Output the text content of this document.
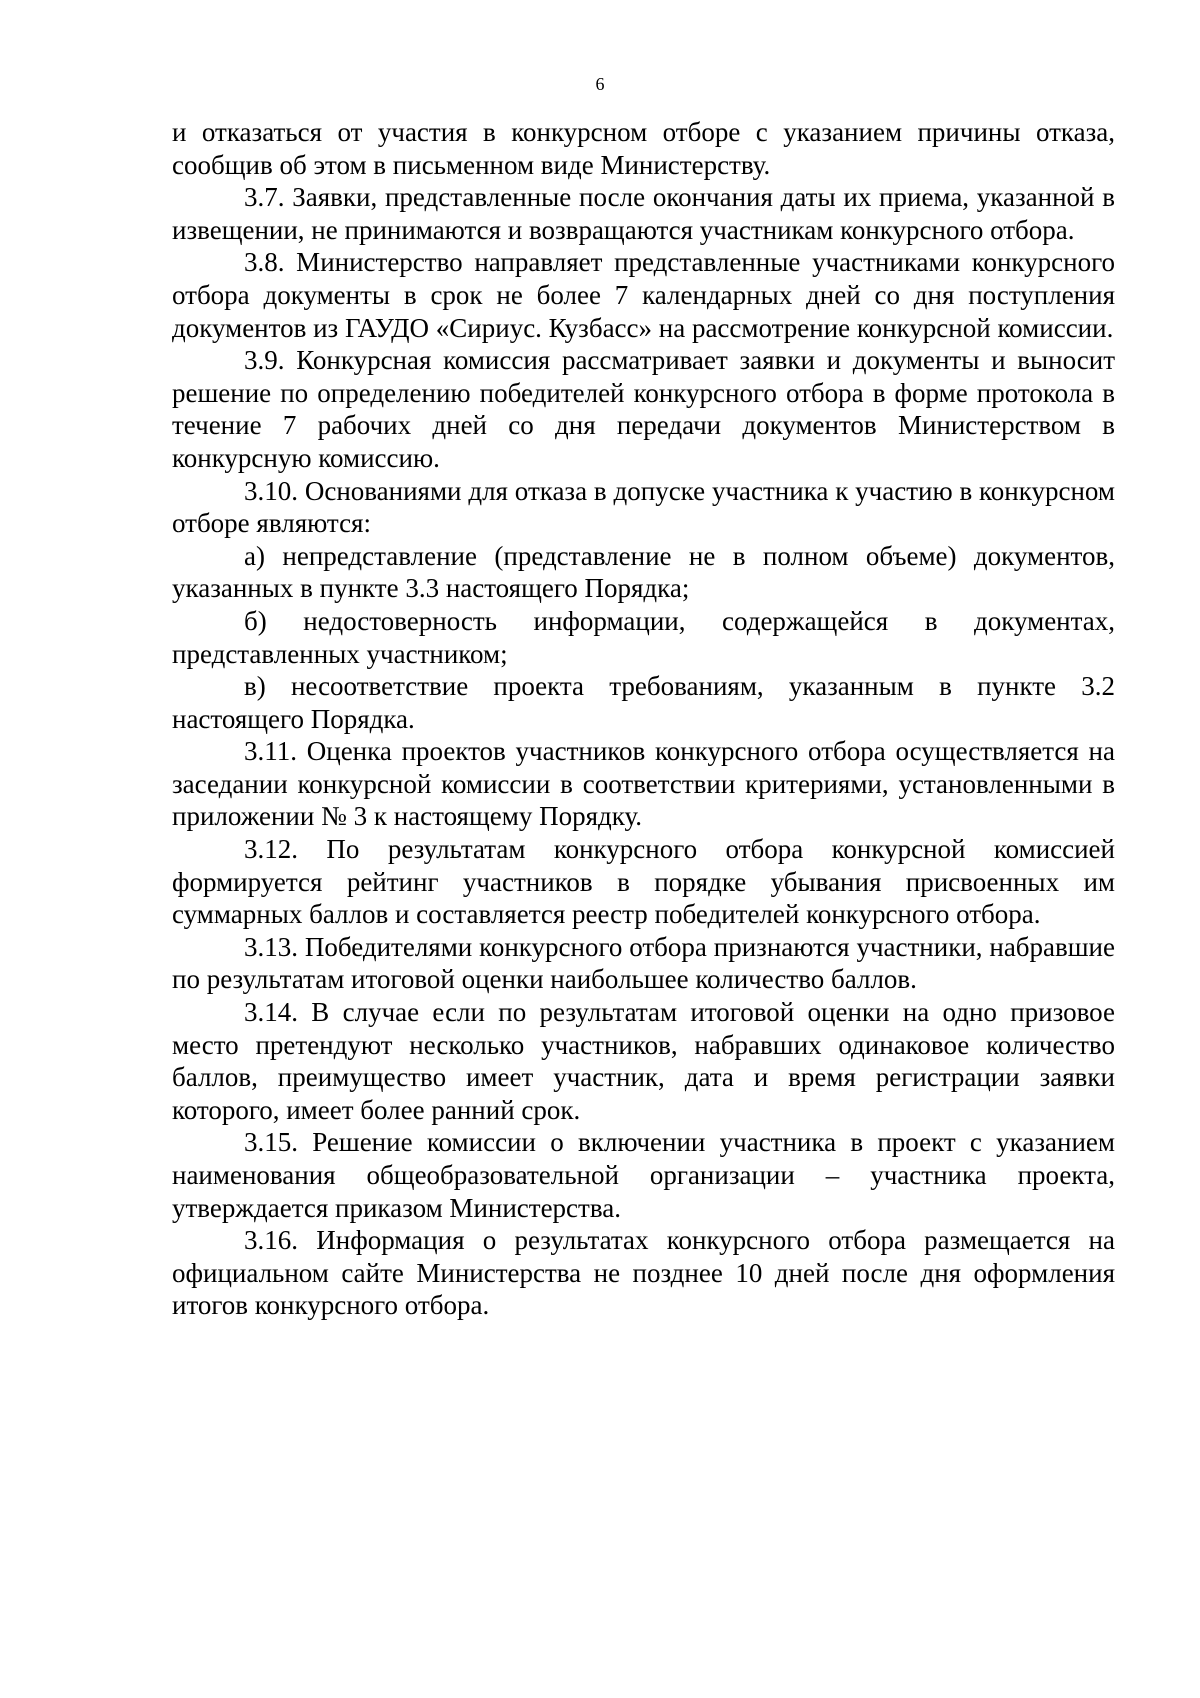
6

и отказаться от участия в конкурсном отборе с указанием причины отказа, сообщив об этом в письменном виде Министерству.

3.7. Заявки, представленные после окончания даты их приема, указанной в извещении, не принимаются и возвращаются участникам конкурсного отбора.

3.8. Министерство направляет представленные участниками конкурсного отбора документы в срок не более 7 календарных дней со дня поступления документов из ГАУДО «Сириус. Кузбасс» на рассмотрение конкурсной комиссии.

3.9. Конкурсная комиссия рассматривает заявки и документы и выносит решение по определению победителей конкурсного отбора в форме протокола в течение 7 рабочих дней со дня передачи документов Министерством в конкурсную комиссию.

3.10. Основаниями для отказа в допуске участника к участию в конкурсном отборе являются:

а) непредставление (представление не в полном объеме) документов, указанных в пункте 3.3 настоящего Порядка;

б) недостоверность информации, содержащейся в документах, представленных участником;

в) несоответствие проекта требованиям, указанным в пункте 3.2 настоящего Порядка.

3.11. Оценка проектов участников конкурсного отбора осуществляется на заседании конкурсной комиссии в соответствии критериями, установленными в приложении № 3 к настоящему Порядку.

3.12. По результатам конкурсного отбора конкурсной комиссией формируется рейтинг участников в порядке убывания присвоенных им суммарных баллов и составляется реестр победителей конкурсного отбора.

3.13. Победителями конкурсного отбора признаются участники, набравшие по результатам итоговой оценки наибольшее количество баллов.

3.14. В случае если по результатам итоговой оценки на одно призовое место претендуют несколько участников, набравших одинаковое количество баллов, преимущество имеет участник, дата и время регистрации заявки которого, имеет более ранний срок.

3.15. Решение комиссии о включении участника в проект с указанием наименования общеобразовательной организации – участника проекта, утверждается приказом Министерства.

3.16. Информация о результатах конкурсного отбора размещается на официальном сайте Министерства не позднее 10 дней после дня оформления итогов конкурсного отбора.
